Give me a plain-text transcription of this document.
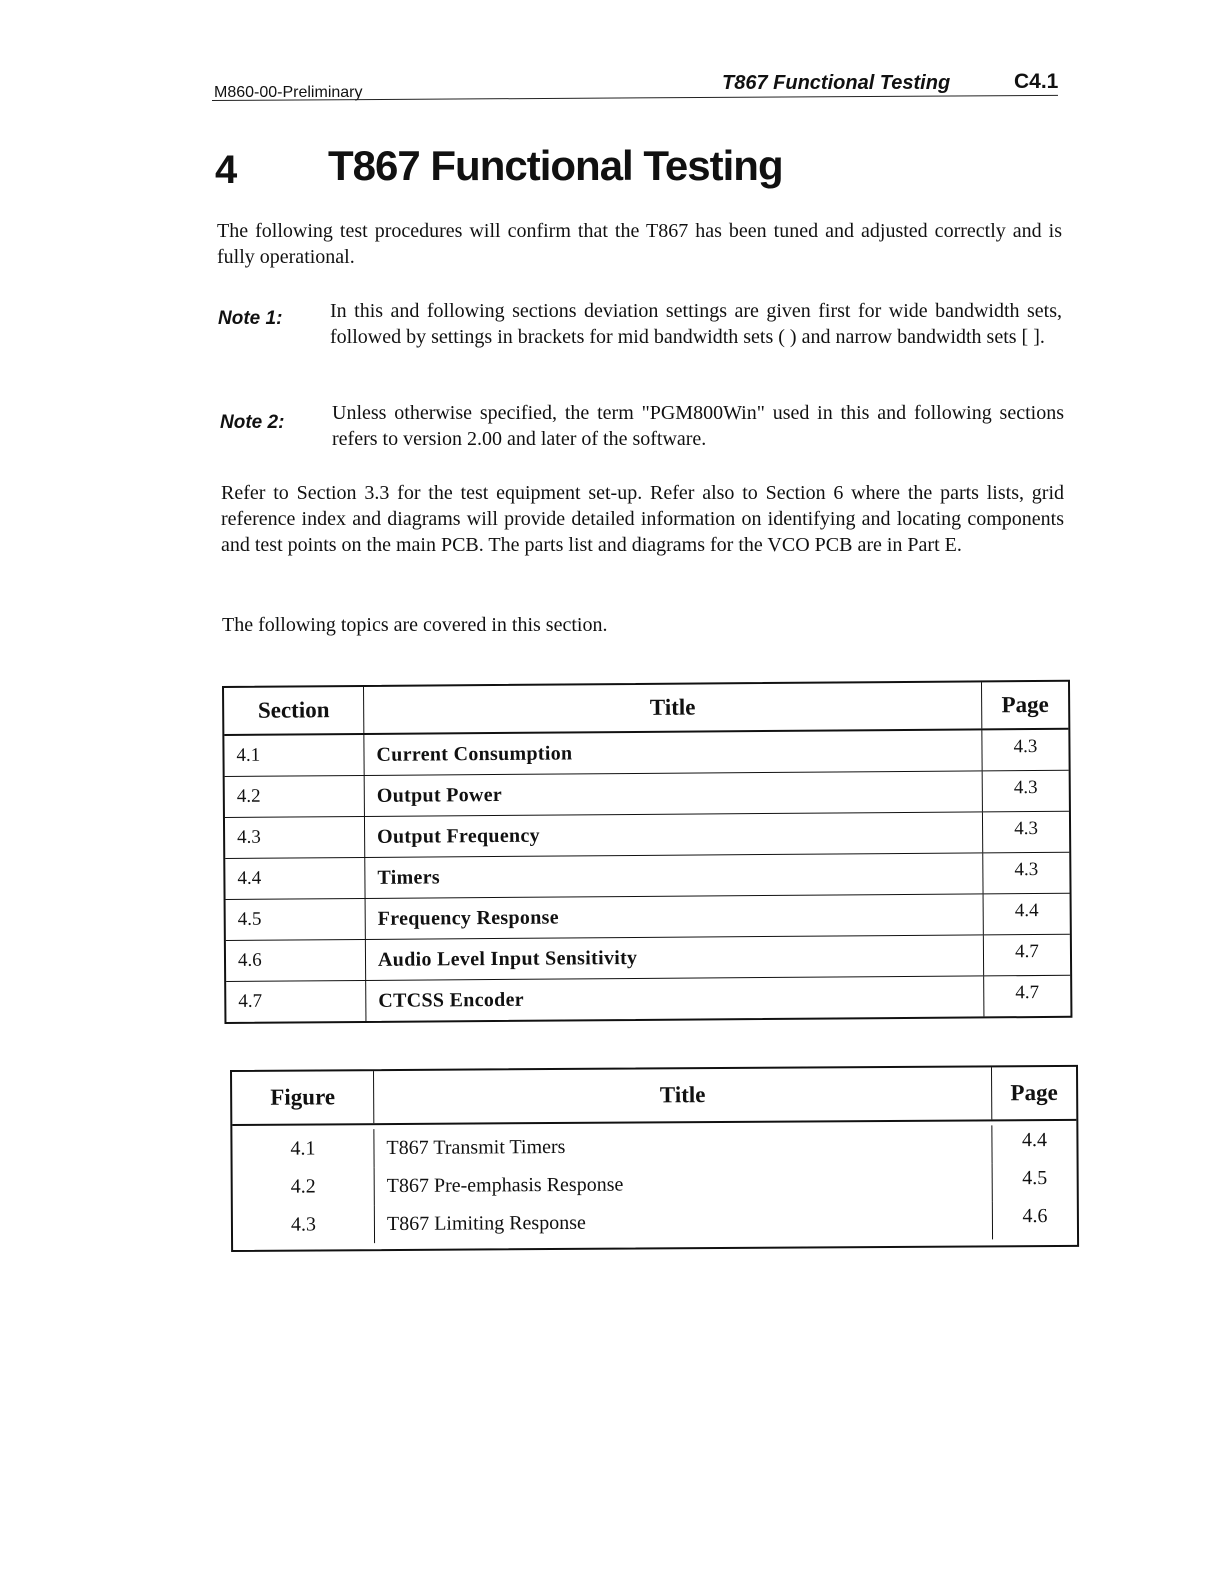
M860-00-Preliminary	T867 Functional Testing	C4.1
4 T867 Functional Testing
The following test procedures will confirm that the T867 has been tuned and adjusted correctly and is fully operational.
Note 1: In this and following sections deviation settings are given first for wide bandwidth sets, followed by settings in brackets for mid bandwidth sets ( ) and narrow bandwidth sets [ ].
Note 2: Unless otherwise specified, the term "PGM800Win" used in this and following sections refers to version 2.00 and later of the software.
Refer to Section 3.3 for the test equipment set-up. Refer also to Section 6 where the parts lists, grid reference index and diagrams will provide detailed information on identifying and locating components and test points on the main PCB. The parts list and diagrams for the VCO PCB are in Part E.
The following topics are covered in this section.
Section	Title	Page
4.1	Current Consumption	4.3
4.2	Output Power	4.3
4.3	Output Frequency	4.3
4.4	Timers	4.3
4.5	Frequency Response	4.4
4.6	Audio Level Input Sensitivity	4.7
4.7	CTCSS Encoder	4.7
Figure	Title	Page
4.1	T867 Transmit Timers	4.4
4.2	T867 Pre-emphasis Response	4.5
4.3	T867 Limiting Response	4.6
